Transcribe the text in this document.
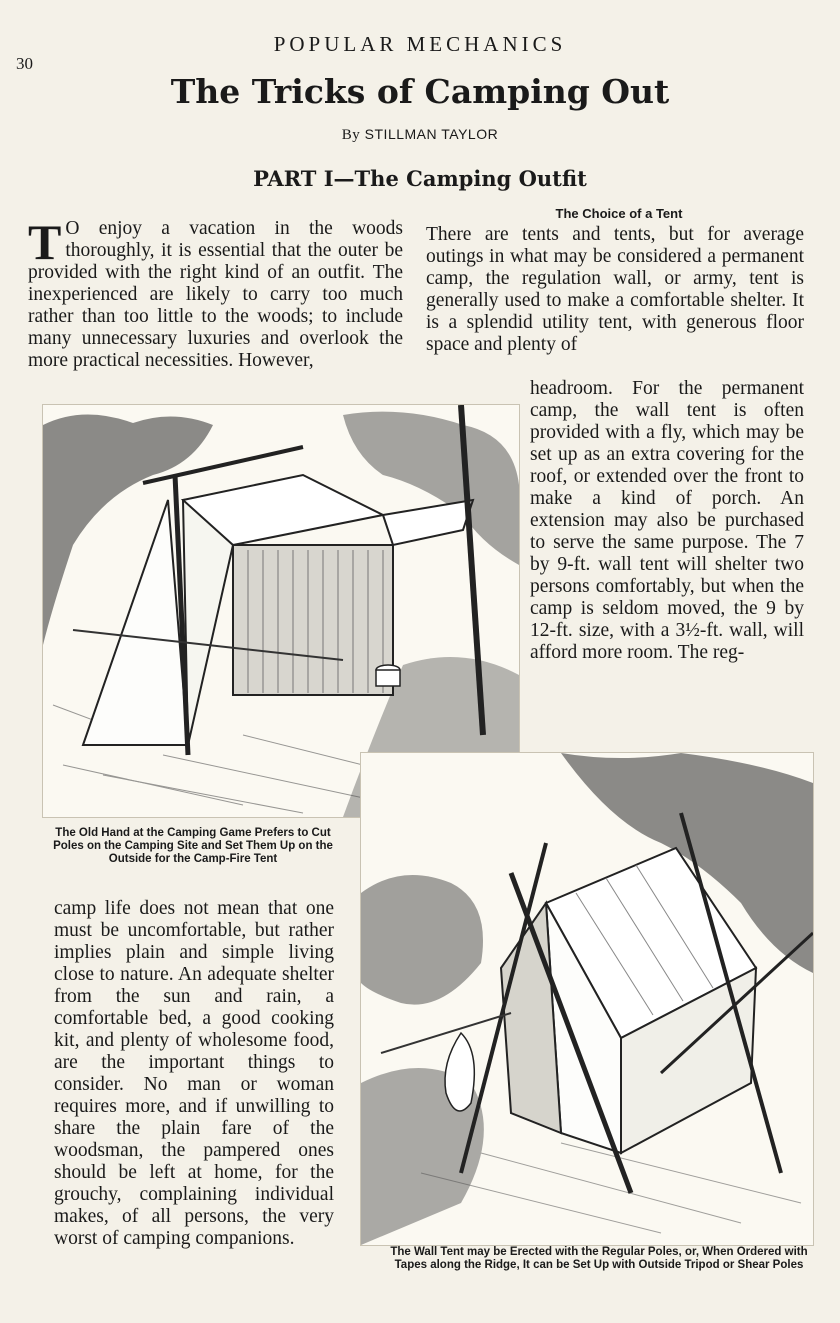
30
POPULAR MECHANICS
The Tricks of Camping Out
By STILLMAN TAYLOR
PART I—The Camping Outfit
T O enjoy a vacation in the woods thoroughly, it is essential that the outer be provided with the right kind of an outfit. The inexperienced are likely to carry too much rather than too little to the woods; to include many unnecessary luxuries and overlook the more practical necessities. However,
The Choice of a Tent
There are tents and tents, but for average outings in what may be considered a permanent camp, the regulation wall, or army, tent is generally used to make a comfortable shelter. It is a splendid utility tent, with generous floor space and plenty of
headroom. For the permanent camp, the wall tent is often provided with a fly, which may be set up as an extra covering for the roof, or extended over the front to make a kind of porch. An extension may also be purchased to serve the same purpose. The 7 by 9-ft. wall tent will shelter two persons comfortably, but when the camp is seldom moved, the 9 by 12-ft. size, with a 3½-ft. wall, will afford more room. The reg-
The Old Hand at the Camping Game Prefers to Cut Poles on the Camping Site and Set Them Up on the Outside for the Camp-Fire Tent
camp life does not mean that one must be uncomfortable, but rather implies plain and simple living close to nature. An adequate shelter from the sun and rain, a comfortable bed, a good cooking kit, and plenty of wholesome food, are the important things to consider. No man or woman requires more, and if unwilling to share the plain fare of the woodsman, the pampered ones should be left at home, for the grouchy, complaining individual makes, of all persons, the very worst of camping companions.
The Wall Tent may be Erected with the Regular Poles, or, When Ordered with Tapes along the Ridge, It can be Set Up with Outside Tripod or Shear Poles
